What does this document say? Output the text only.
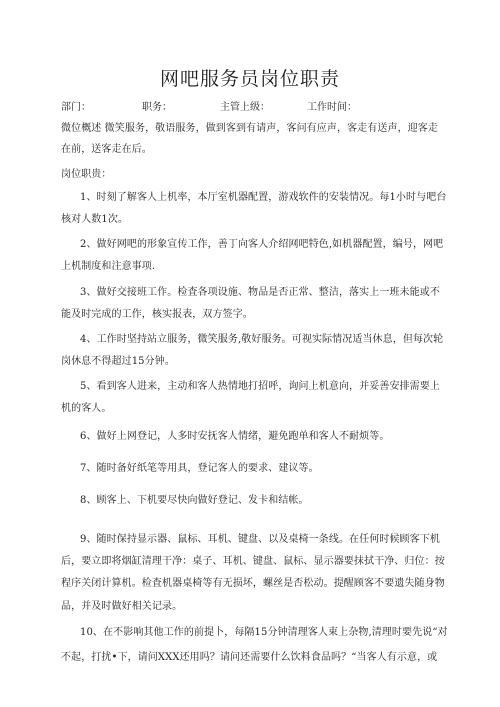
网吧服务员岗位职责
部门：	职务：	主管上级：	工作时间：
微位概述 微笑服务，敬语服务，做到客到有请声，客问有应声，客走有送声，迎客走
在前，送客走在后。
岗位职贵：
1、时刻了解客人上机率，本厅室机器配置，游戏软件的安装情况。每1小时与吧台
核对人数1次。
2、做好网吧的形象宣传工作，善丁向客人介绍网吧特色,如机器配置，编号，网吧
上机制度和注意事项.
3、做好交接班工作。检査各项设施、物品是否正常、整洁，落实上一班未能或不
能及时完成的工作，核实报表，双方签字。
4、工作时坚持站立服务，微笑服务,敬好服务。可视实际情况适当休息，但每次轮
岗休息不得超过15分钟。
5、看到客人进来，主动和客人热情地打招呼，询问上机意向，并妥善安排需要上
机的客人。
6、做好上网登记，人多时安抚客人情绪，避免跑单和客人不耐烦等。
7、随时备好纸笔等用具，登记客人的要求、建议等。
8、顾客上、下机要尽快向做好登记、发卡和结帐。
9、随时保持显示器、鼠标、耳机、键盘、以及桌椅一条线。在任何时候顾客下机
后，要立即将烟缸清理干净：桌子、耳机、键盘、鼠标、显示器要抹拭干净、归位：按
程序关闭计算机。检査机器桌椅等有无损坏，螺丝是否松动。提醒顾客不要遗失随身物
品，并及时做好相关记录。
10、在不影响其他工作的前提卜，每隔15分钟清理客人束上杂物,清理时要先说“对
不起，打扰•下，请问XXX还用吗？请问还需要什么饮料食品吗？“当客人有示意，或
